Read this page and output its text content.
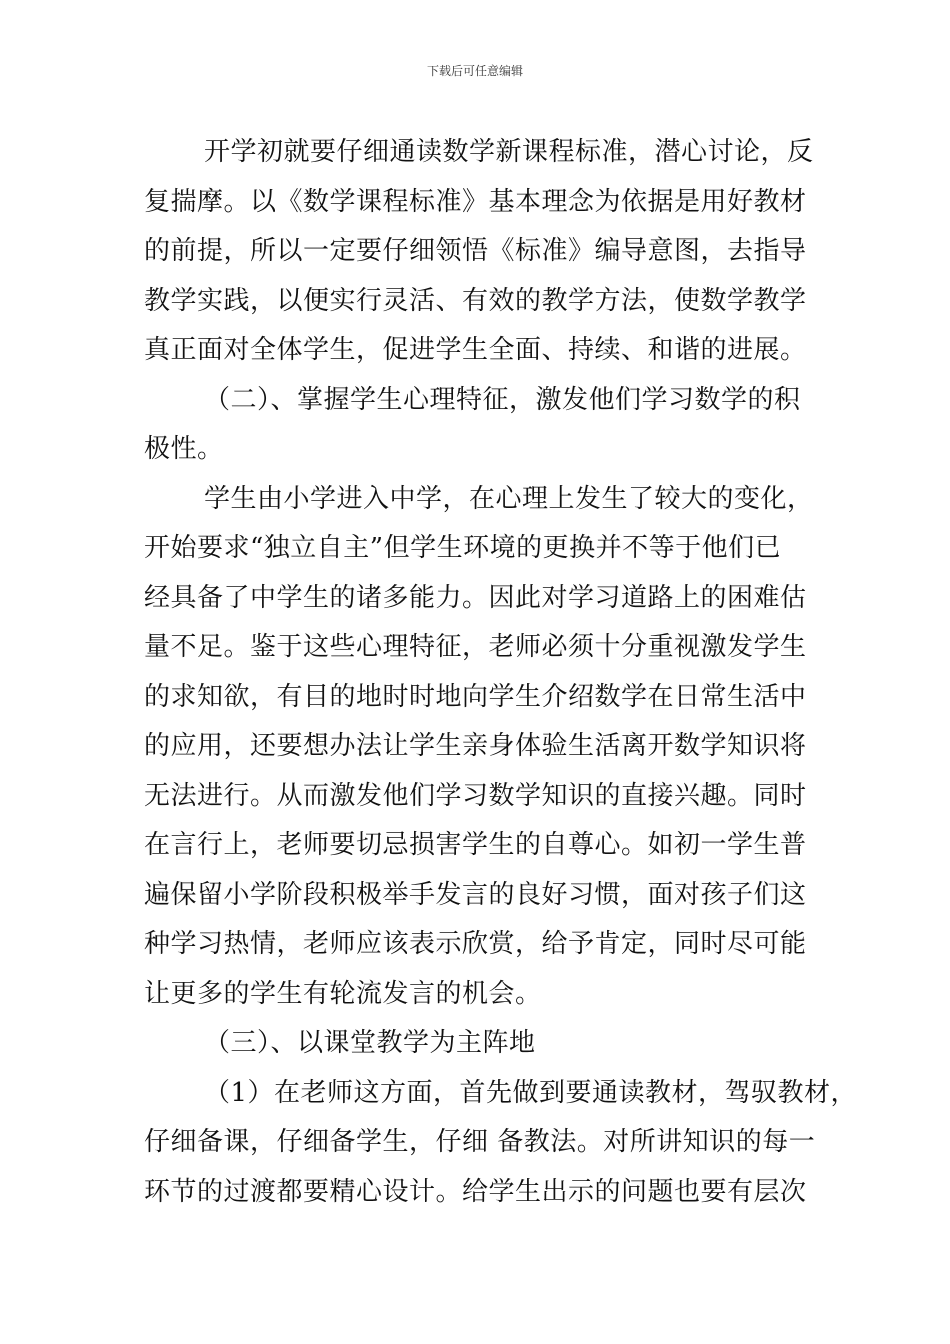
下载后可任意编辑
开学初就要仔细通读数学新课程标准，潜心讨论，反
复揣摩。以《数学课程标准》基本理念为依据是用好教材
的前提，所以一定要仔细领悟《标准》编导意图，去指导
教学实践，以便实行灵活、有效的教学方法，使数学教学
真正面对全体学生，促进学生全面、持续、和谐的进展。
（二）、掌握学生心理特征，激发他们学习数学的积
极性。
学生由小学进入中学，在心理上发生了较大的变化，
开始要求“独立自主”但学生环境的更换并不等于他们已
经具备了中学生的诸多能力。因此对学习道路上的困难估
量不足。鉴于这些心理特征，老师必须十分重视激发学生
的求知欲，有目的地时时地向学生介绍数学在日常生活中
的应用，还要想办法让学生亲身体验生活离开数学知识将
无法进行。从而激发他们学习数学知识的直接兴趣。同时
在言行上，老师要切忌损害学生的自尊心。如初一学生普
遍保留小学阶段积极举手发言的良好习惯，面对孩子们这
种学习热情，老师应该表示欣赏，给予肯定，同时尽可能
让更多的学生有轮流发言的机会。
（三）、以课堂教学为主阵地
（1）在老师这方面，首先做到要通读教材，驾驭教材，
仔细备课，仔细备学生，仔细 备教法。对所讲知识的每一
环节的过渡都要精心设计。给学生出示的问题也要有层次
